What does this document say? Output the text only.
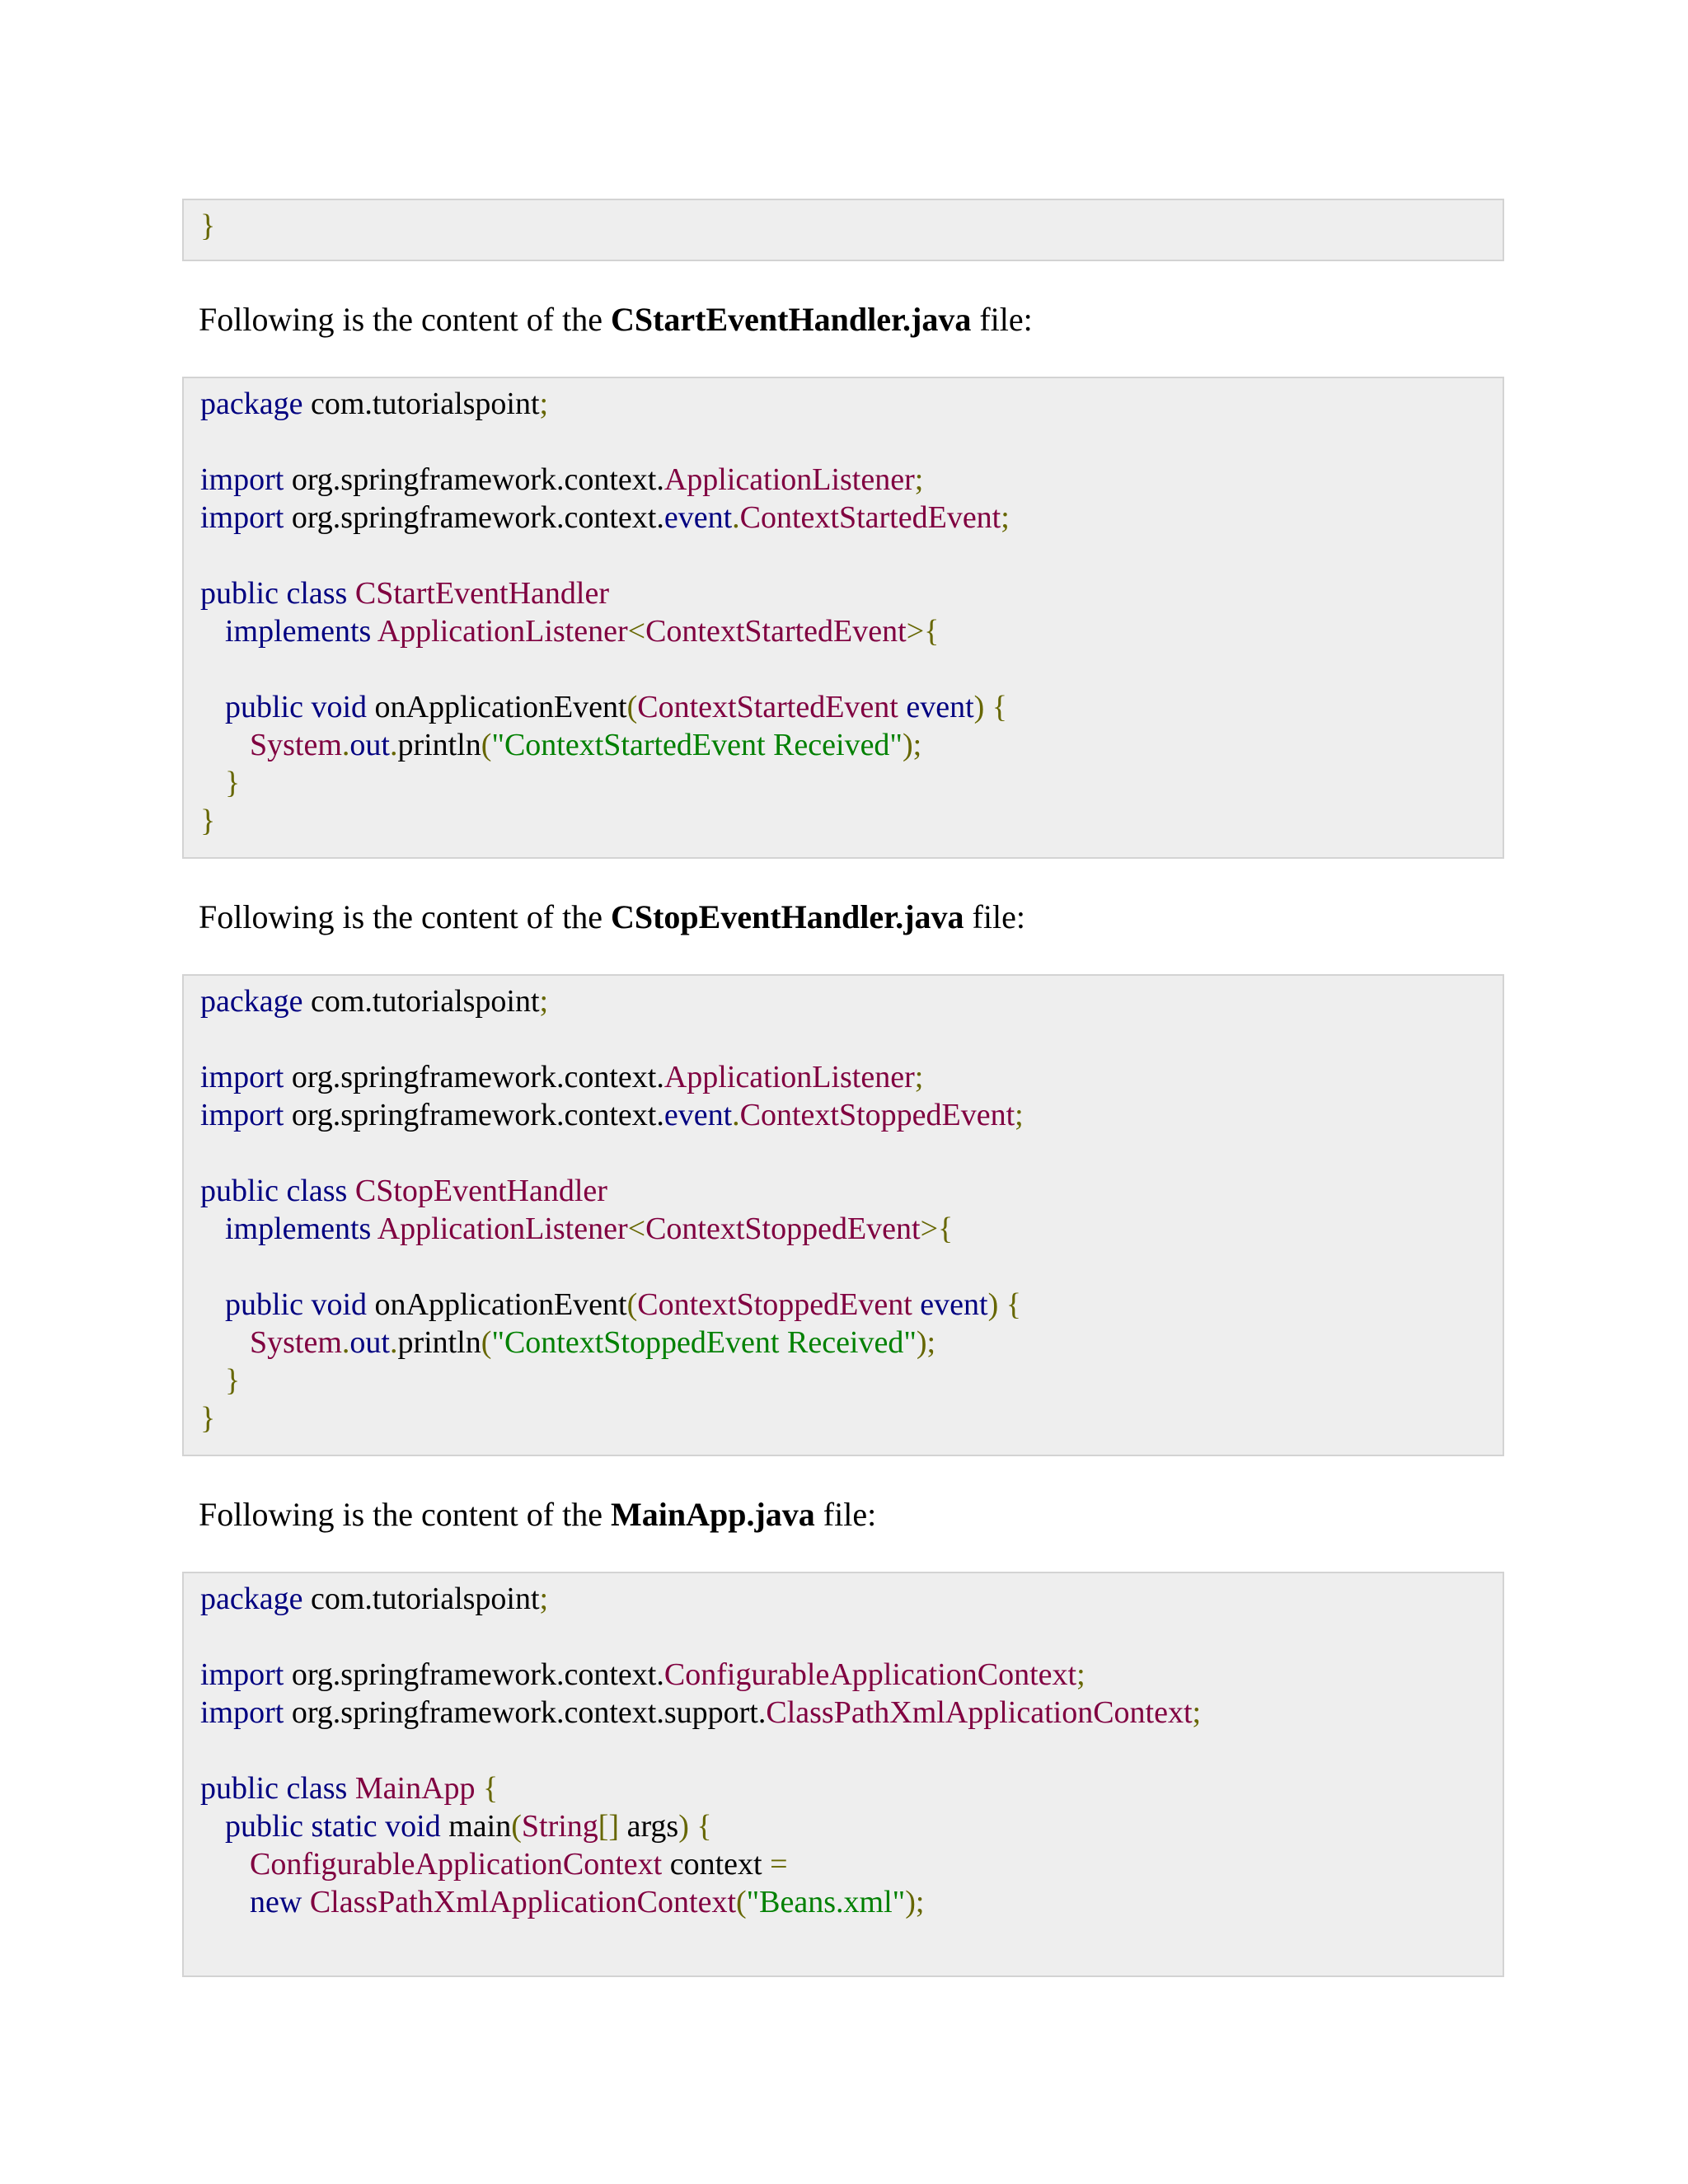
}
Following is the content of the CStartEventHandler.java file:
package com.tutorialspoint;
import org.springframework.context.ApplicationListener;
import org.springframework.context.event.ContextStartedEvent;
public class CStartEventHandler
implements ApplicationListener<ContextStartedEvent>{
public void onApplicationEvent(ContextStartedEvent event) {
System.out.println("ContextStartedEvent Received");
}
}
Following is the content of the CStopEventHandler.java file:
package com.tutorialspoint;
import org.springframework.context.ApplicationListener;
import org.springframework.context.event.ContextStoppedEvent;
public class CStopEventHandler
implements ApplicationListener<ContextStoppedEvent>{
public void onApplicationEvent(ContextStoppedEvent event) {
System.out.println("ContextStoppedEvent Received");
}
}
Following is the content of the MainApp.java file:
package com.tutorialspoint;
import org.springframework.context.ConfigurableApplicationContext;
import org.springframework.context.support.ClassPathXmlApplicationContext;
public class MainApp {
public static void main(String[] args) {
ConfigurableApplicationContext context =
new ClassPathXmlApplicationContext("Beans.xml");
